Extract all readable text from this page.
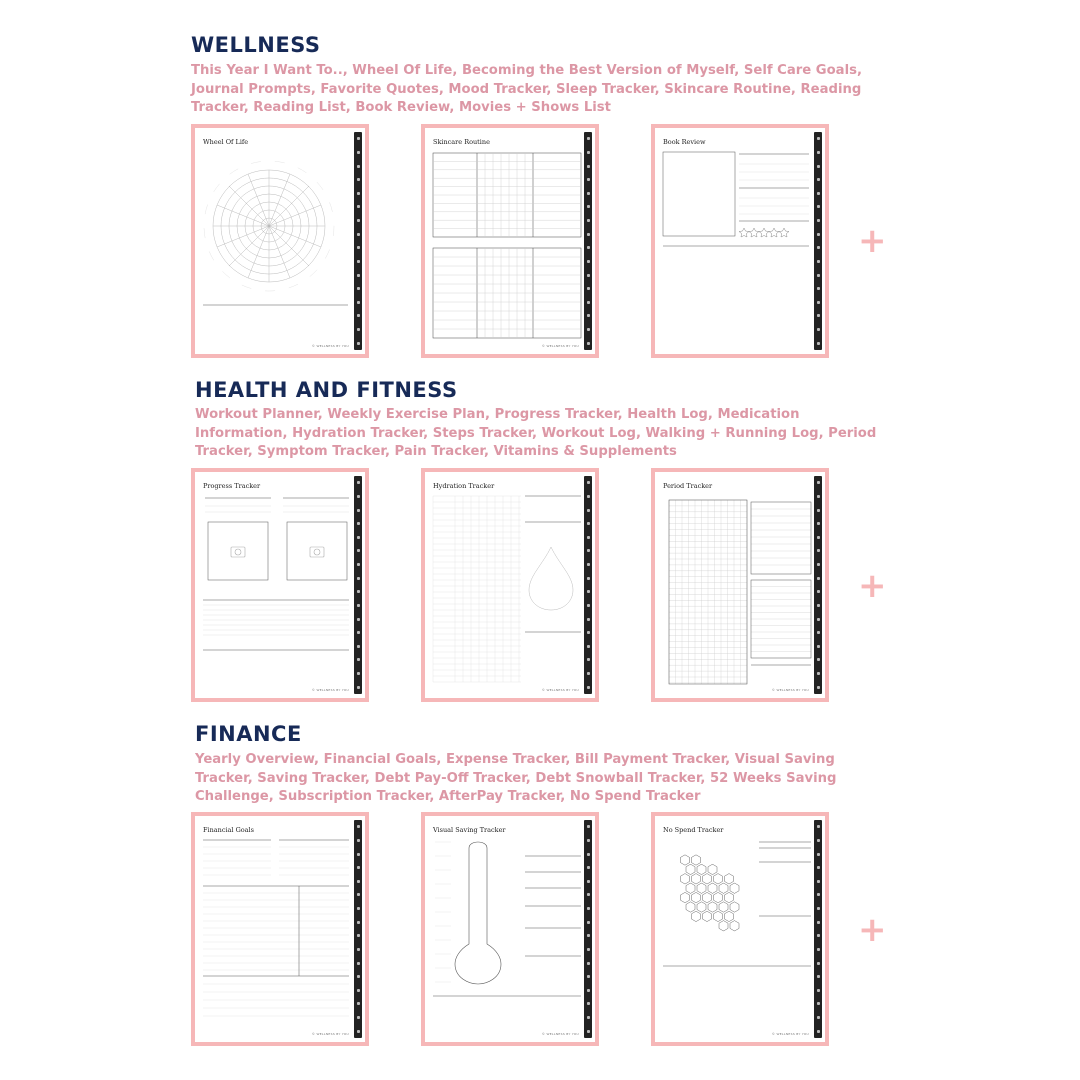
WELLNESS
This Year I Want To.., Wheel Of Life, Becoming the Best Version of Myself, Self Care Goals, Journal Prompts, Favorite Quotes, Mood Tracker, Sleep Tracker, Skincare Routine, Reading Tracker, Reading List, Book Review, Movies + Shows List
Wheel Of Life
© WELLNESS BY YOU
Skincare Routine
© WELLNESS BY YOU
Book Review
+
HEALTH AND FITNESS
Workout Planner, Weekly Exercise Plan, Progress Tracker, Health Log, Medication Information, Hydration Tracker, Steps Tracker, Workout Log, Walking + Running Log, Period Tracker, Symptom Tracker, Pain Tracker, Vitamins & Supplements
Progress Tracker
© WELLNESS BY YOU
Hydration Tracker
© WELLNESS BY YOU
Period Tracker
© WELLNESS BY YOU
+
FINANCE
Yearly Overview, Financial Goals, Expense Tracker, Bill Payment Tracker, Visual Saving Tracker, Saving Tracker, Debt Pay-Off Tracker, Debt Snowball Tracker, 52 Weeks Saving Challenge, Subscription Tracker, AfterPay Tracker, No Spend Tracker
Financial Goals
© WELLNESS BY YOU
Visual Saving Tracker
© WELLNESS BY YOU
No Spend Tracker
© WELLNESS BY YOU
+
